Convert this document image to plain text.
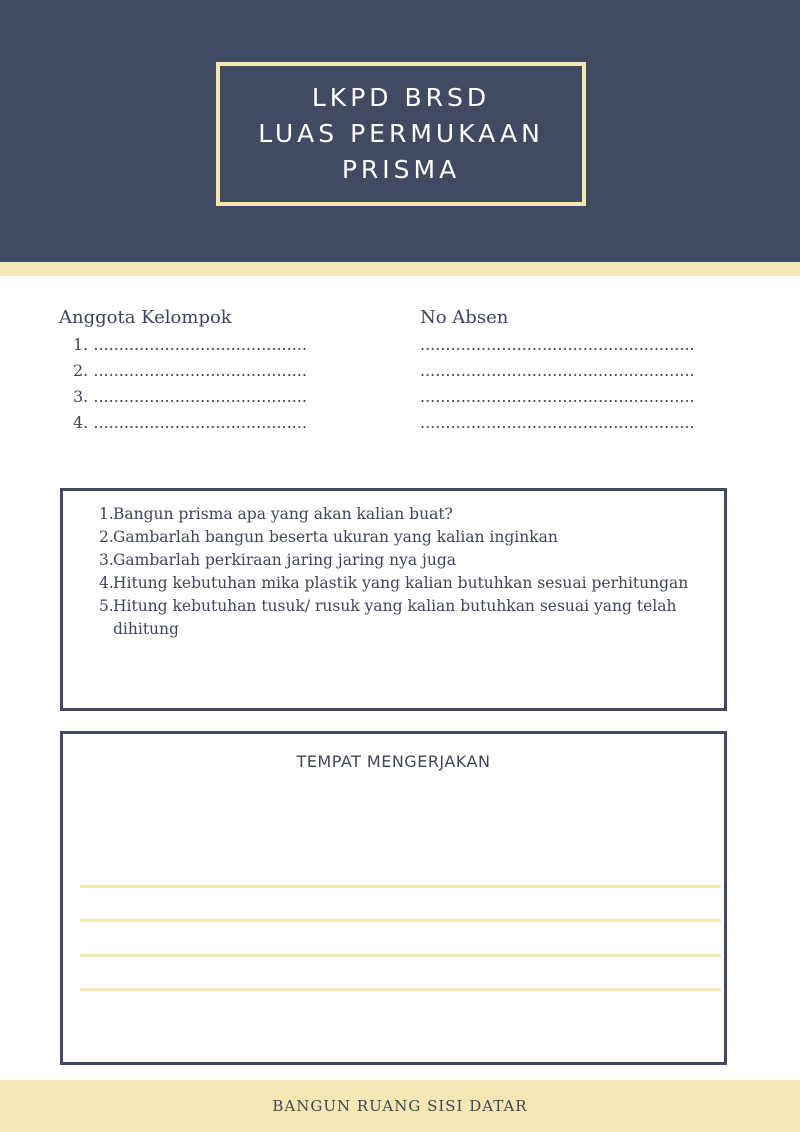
LKPD BRSD
LUAS PERMUKAAN
PRISMA
Anggota Kelompok
1. ..........................................
2. ..........................................
3. ..........................................
4. ..........................................
No Absen
......................................................
......................................................
......................................................
......................................................
1. Bangun prisma apa yang akan kalian buat?
2. Gambarlah bangun beserta ukuran yang kalian inginkan
3. Gambarlah perkiraan jaring jaring nya juga
4. Hitung kebutuhan mika plastik yang kalian butuhkan sesuai perhitungan
5. Hitung kebutuhan tusuk/ rusuk yang kalian butuhkan sesuai yang telah dihitung
TEMPAT MENGERJAKAN
BANGUN RUANG SISI DATAR
